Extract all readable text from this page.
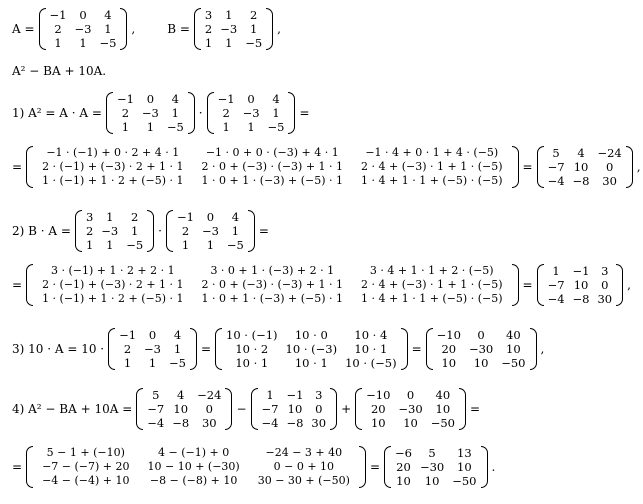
A =
−1	0	4
2	−3	1
1	1	−5
,	B =
3	1	2
2	−3	1
1	1	−5
,
A² − BA + 10A.
1) A² = A · A =
−1	0	4
2	−3	1
1	1	−5
·
−1	0	4
2	−3	1
1	1	−5
=
=
−1 · (−1) + 0 · 2 + 4 · 1	−1 · 0 + 0 · (−3) + 4 · 1	−1 · 4 + 0 · 1 + 4 · (−5)
2 · (−1) + (−3) · 2 + 1 · 1	2 · 0 + (−3) · (−3) + 1 · 1	2 · 4 + (−3) · 1 + 1 · (−5)
1 · (−1) + 1 · 2 + (−5) · 1	1 · 0 + 1 · (−3) + (−5) · 1	1 · 4 + 1 · 1 + (−5) · (−5)
=
5	4	−24
−7	10	0
−4	−8	30
,
2) B · A =
3	1	2
2	−3	1
1	1	−5
·
−1	0	4
2	−3	1
1	1	−5
=
=
3 · (−1) + 1 · 2 + 2 · 1	3 · 0 + 1 · (−3) + 2 · 1	3 · 4 + 1 · 1 + 2 · (−5)
2 · (−1) + (−3) · 2 + 1 · 1	2 · 0 + (−3) · (−3) + 1 · 1	2 · 4 + (−3) · 1 + 1 · (−5)
1 · (−1) + 1 · 2 + (−5) · 1	1 · 0 + 1 · (−3) + (−5) · 1	1 · 4 + 1 · 1 + (−5) · (−5)
=
1	−1	3
−7	10	0
−4	−8	30
,
3) 10 · A = 10 ·
−1	0	4
2	−3	1
1	1	−5
=
10 · (−1)	10 · 0	10 · 4
10 · 2	10 · (−3)	10 · 1
10 · 1	10 · 1	10 · (−5)
=
−10	0	40
20	−30	10
10	10	−50
,
4) A² − BA + 10A =
5	4	−24
−7	10	0
−4	−8	30
−
1	−1	3
−7	10	0
−4	−8	30
+
−10	0	40
20	−30	10
10	10	−50
=
=
5 − 1 + (−10)	4 − (−1) + 0	−24 − 3 + 40
−7 − (−7) + 20	10 − 10 + (−30)	0 − 0 + 10
−4 − (−4) + 10	−8 − (−8) + 10	30 − 30 + (−50)
=
−6	5	13
20	−30	10
10	10	−50
.
